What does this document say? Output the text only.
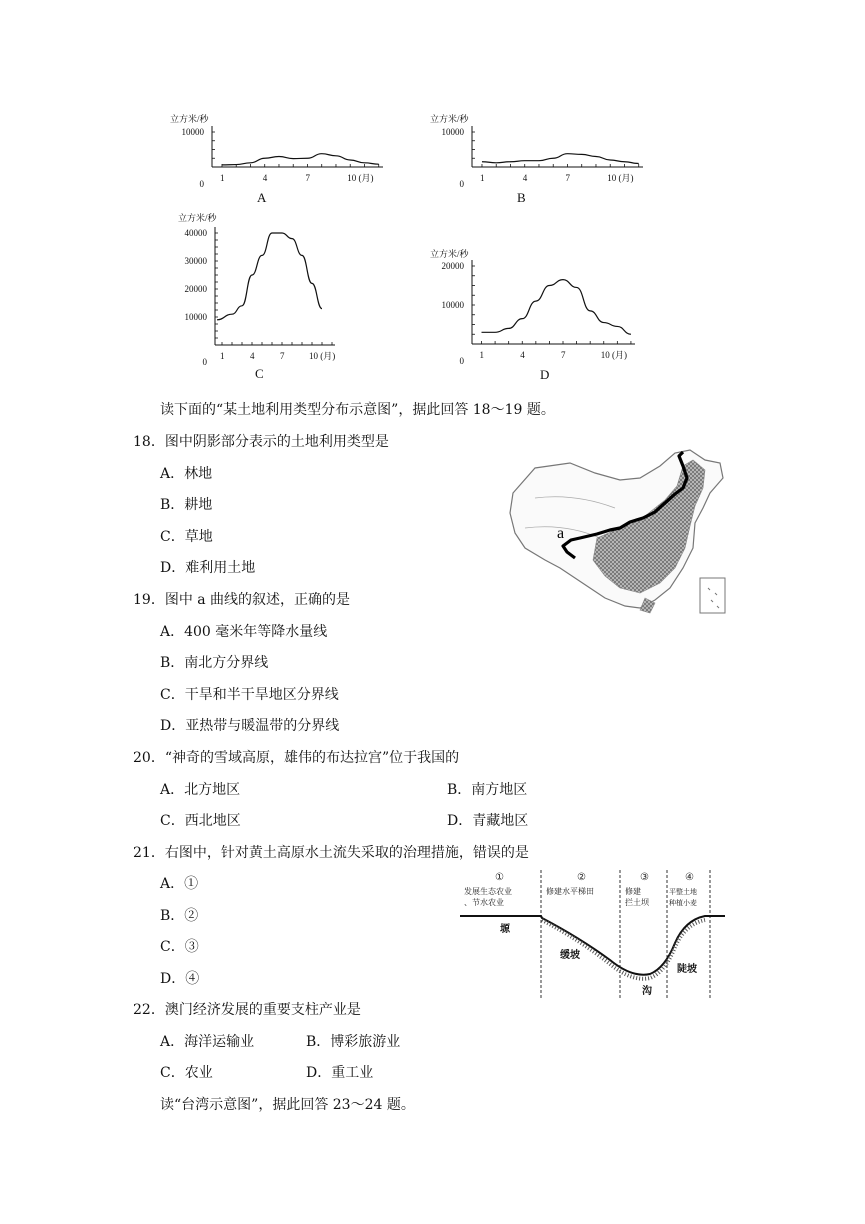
立方米/秒
10000
0
1	4	7	10 (月)
A
立方米/秒
10000
0
1	4	7	10 (月)
B
立方米/秒
40000
30000
20000
10000
0
1	4	7	10 (月)
C
立方米/秒
20000
10000
0
1	4	7	10 (月)
D
读下面的“某土地利用类型分布示意图”，据此回答 18～19 题。
18．图中阴影部分表示的土地利用类型是
A．林地
B．耕地
C．草地
D．难利用土地
a
19．图中 a 曲线的叙述，正确的是
A．400 毫米年等降水量线
B．南北方分界线
C．干旱和半干旱地区分界线
D．亚热带与暖温带的分界线
20．“神奇的雪域高原，雄伟的布达拉宫”位于我国的
A．北方地区	B．南方地区
C．西北地区	D．青藏地区
21．右图中，针对黄土高原水土流失采取的治理措施，错误的是
A．①
B．②
C．③
D．④
①	②	③	④
发展生态农业、节水农业
修建水平梯田	修建拦土坝
平整土地种植小麦
塬
缓坡
沟
陡坡
22．澳门经济发展的重要支柱产业是
A．海洋运输业	B．博彩旅游业
C．农业	D．重工业
读“台湾示意图”，据此回答 23～24 题。
